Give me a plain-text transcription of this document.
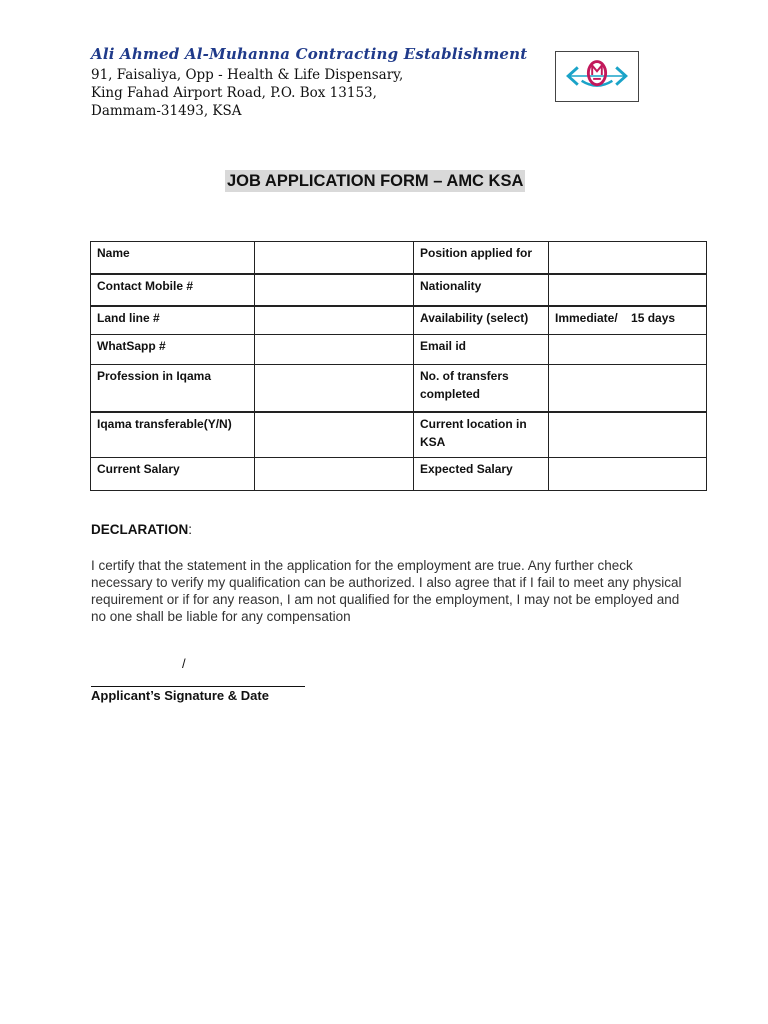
Ali Ahmed Al-Muhanna Contracting Establishment
91, Faisaliya, Opp - Health & Life Dispensary,
King Fahad Airport Road, P.O. Box 13153,
Dammam-31493, KSA
JOB APPLICATION FORM – AMC KSA
Name		Position applied for	
Contact Mobile #		Nationality	
Land line #		Availability (select)	Immediate/    15 days
WhatSapp #		Email id	
Profession in Iqama		No. of transfers completed	
Iqama transferable(Y/N)		Current location in KSA	
Current Salary		Expected Salary	
DECLARATION:
I certify that the statement in the application for the employment are true. Any further check necessary to verify my qualification can be authorized. I also agree that if I fail to meet any physical requirement or if for any reason, I am not qualified for the employment, I may not be employed and no one shall be liable for any compensation
/
Applicant’s Signature & Date
